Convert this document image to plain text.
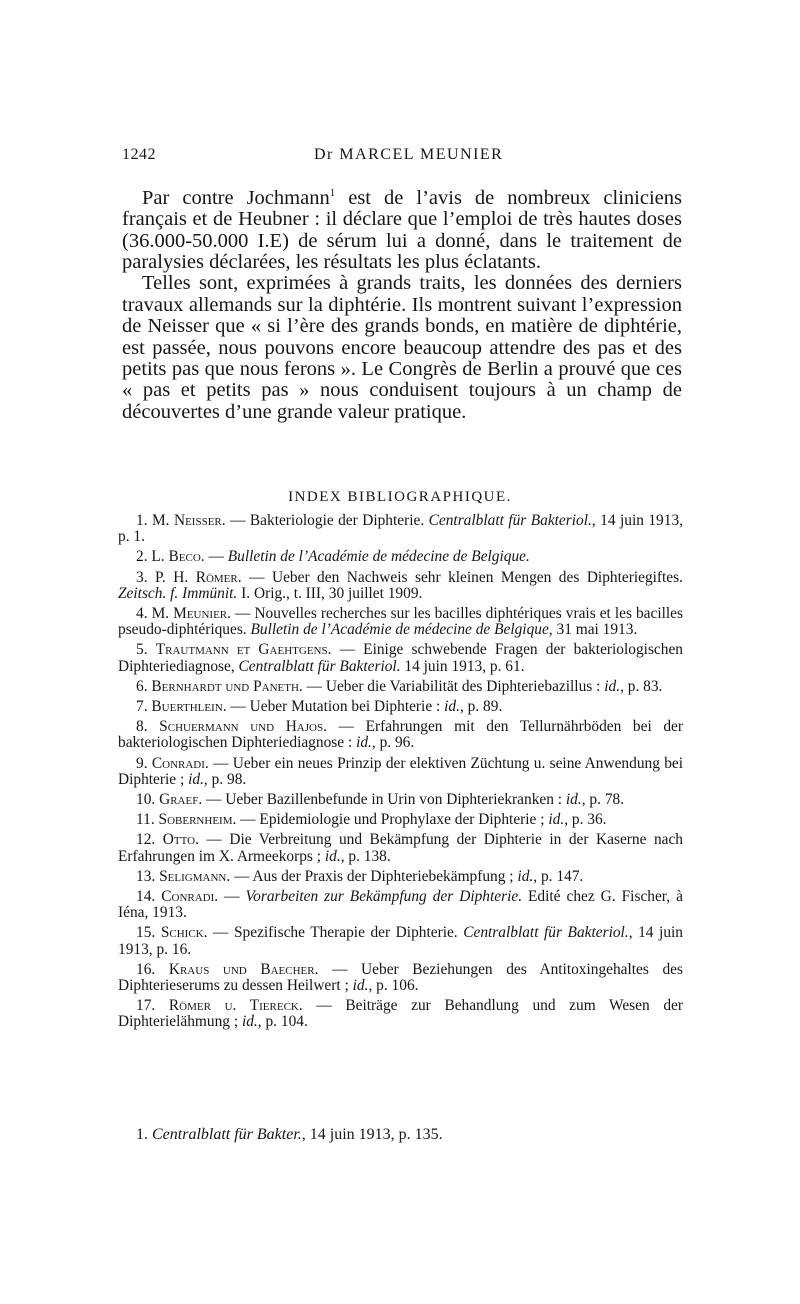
1242	Dr MARCEL MEUNIER

Par contre Jochmann$^1$ est de l’avis de nombreux cliniciens français et de Heubner : il déclare que l’emploi de très hautes doses (36.000-50.000 I.E) de sérum lui a donné, dans le traitement de paralysies déclarées, les résultats les plus éclatants.

Telles sont, exprimées à grands traits, les données des derniers travaux allemands sur la diphtérie. Ils montrent suivant l’expression de Neisser que « si l’ère des grands bonds, en matière de diphtérie, est passée, nous pouvons encore beaucoup attendre des pas et des petits pas que nous ferons ». Le Congrès de Berlin a prouvé que ces « pas et petits pas » nous conduisent toujours à un champ de découvertes d’une grande valeur pratique.

INDEX BIBLIOGRAPHIQUE.

1. M. Neisser. — Bakteriologie der Diphterie. Centralblatt für Bakteriol., 14 juin 1913, p. 1.

2. L. Beco. — Bulletin de l’Académie de médecine de Belgique.

3. P. H. Römer. — Ueber den Nachweis sehr kleinen Mengen des Diphteriegiftes. Zeitsch. f. Immünit. I. Orig., t. III, 30 juillet 1909.

4. M. Meunier. — Nouvelles recherches sur les bacilles diphtériques vrais et les bacilles pseudo-diphtériques. Bulletin de l’Académie de médecine de Belgique, 31 mai 1913.

5. Trautmann et Gaehtgens. — Einige schwebende Fragen der bakteriologischen Diphteriediagnose, Centralblatt für Bakteriol. 14 juin 1913, p. 61.

6. Bernhardt und Paneth. — Ueber die Variabilität des Diphteriebazillus : id., p. 83.

7. Buerthlein. — Ueber Mutation bei Diphterie : id., p. 89.

8. Schuermann und Hajos. — Erfahrungen mit den Tellurnährböden bei der bakteriologischen Diphteriediagnose : id., p. 96.

9. Conradi. — Ueber ein neues Prinzip der elektiven Züchtung u. seine Anwendung bei Diphterie ; id., p. 98.

10. Graef. — Ueber Bazillenbefunde in Urin von Diphteriekranken : id., p. 78.

11. Sobernheim. — Epidemiologie und Prophylaxe der Diphterie ; id., p. 36.

12. Otto. — Die Verbreitung und Bekämpfung der Diphterie in der Kaserne nach Erfahrungen im X. Armeekorps ; id., p. 138.

13. Seligmann. — Aus der Praxis der Diphteriebekämpfung ; id., p. 147.

14. Conradi. — Vorarbeiten zur Bekämpfung der Diphterie. Edité chez G. Fischer, à Iéna, 1913.

15. Schick. — Spezifische Therapie der Diphterie. Centralblatt für Bakteriol., 14 juin 1913, p. 16.

16. Kraus und Baecher. — Ueber Beziehungen des Antitoxingehaltes des Diphterieserums zu dessen Heilwert ; id., p. 106.

17. Römer u. Tiereck. — Beiträge zur Behandlung und zum Wesen der Diphterielähmung ; id., p. 104.

1. Centralblatt für Bakter., 14 juin 1913, p. 135.
